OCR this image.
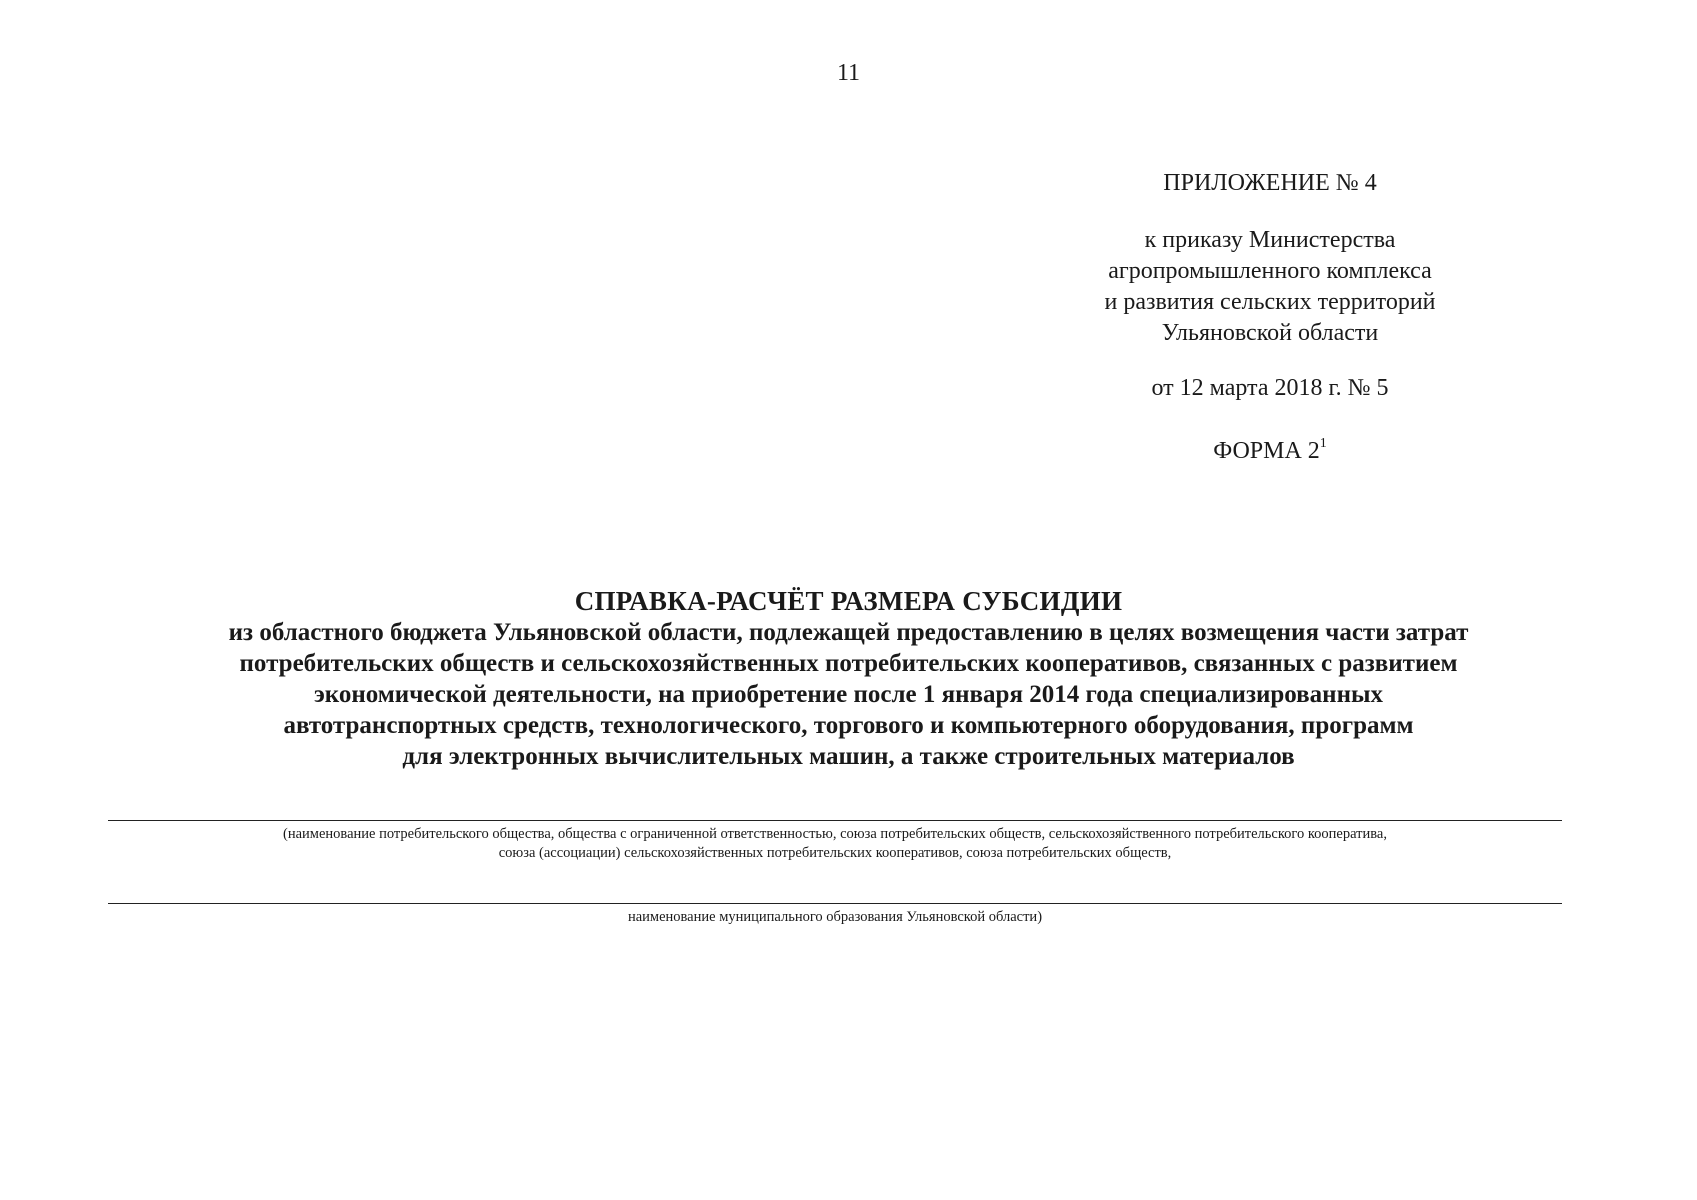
11

ПРИЛОЖЕНИЕ № 4

к приказу Министерства
агропромышленного комплекса
и развития сельских территорий
Ульяновской области

от 12 марта 2018 г. № 5

ФОРМА $2^1$

СПРАВКА-РАСЧЁТ РАЗМЕРА СУБСИДИИ
из областного бюджета Ульяновской области, подлежащей предоставлению в целях возмещения части затрат
потребительских обществ и сельскохозяйственных потребительских кооперативов, связанных с развитием
экономической деятельности, на приобретение после 1 января 2014 года специализированных
автотранспортных средств, технологического, торгового и компьютерного оборудования, программ
для электронных вычислительных машин, а также строительных материалов
(наименование потребительского общества, общества с ограниченной ответственностью, союза потребительских обществ, сельскохозяйственного потребительского кооператива,
союза (ассоциации) сельскохозяйственных потребительских кооперативов, союза потребительских обществ,
наименование муниципального образования Ульяновской области)
